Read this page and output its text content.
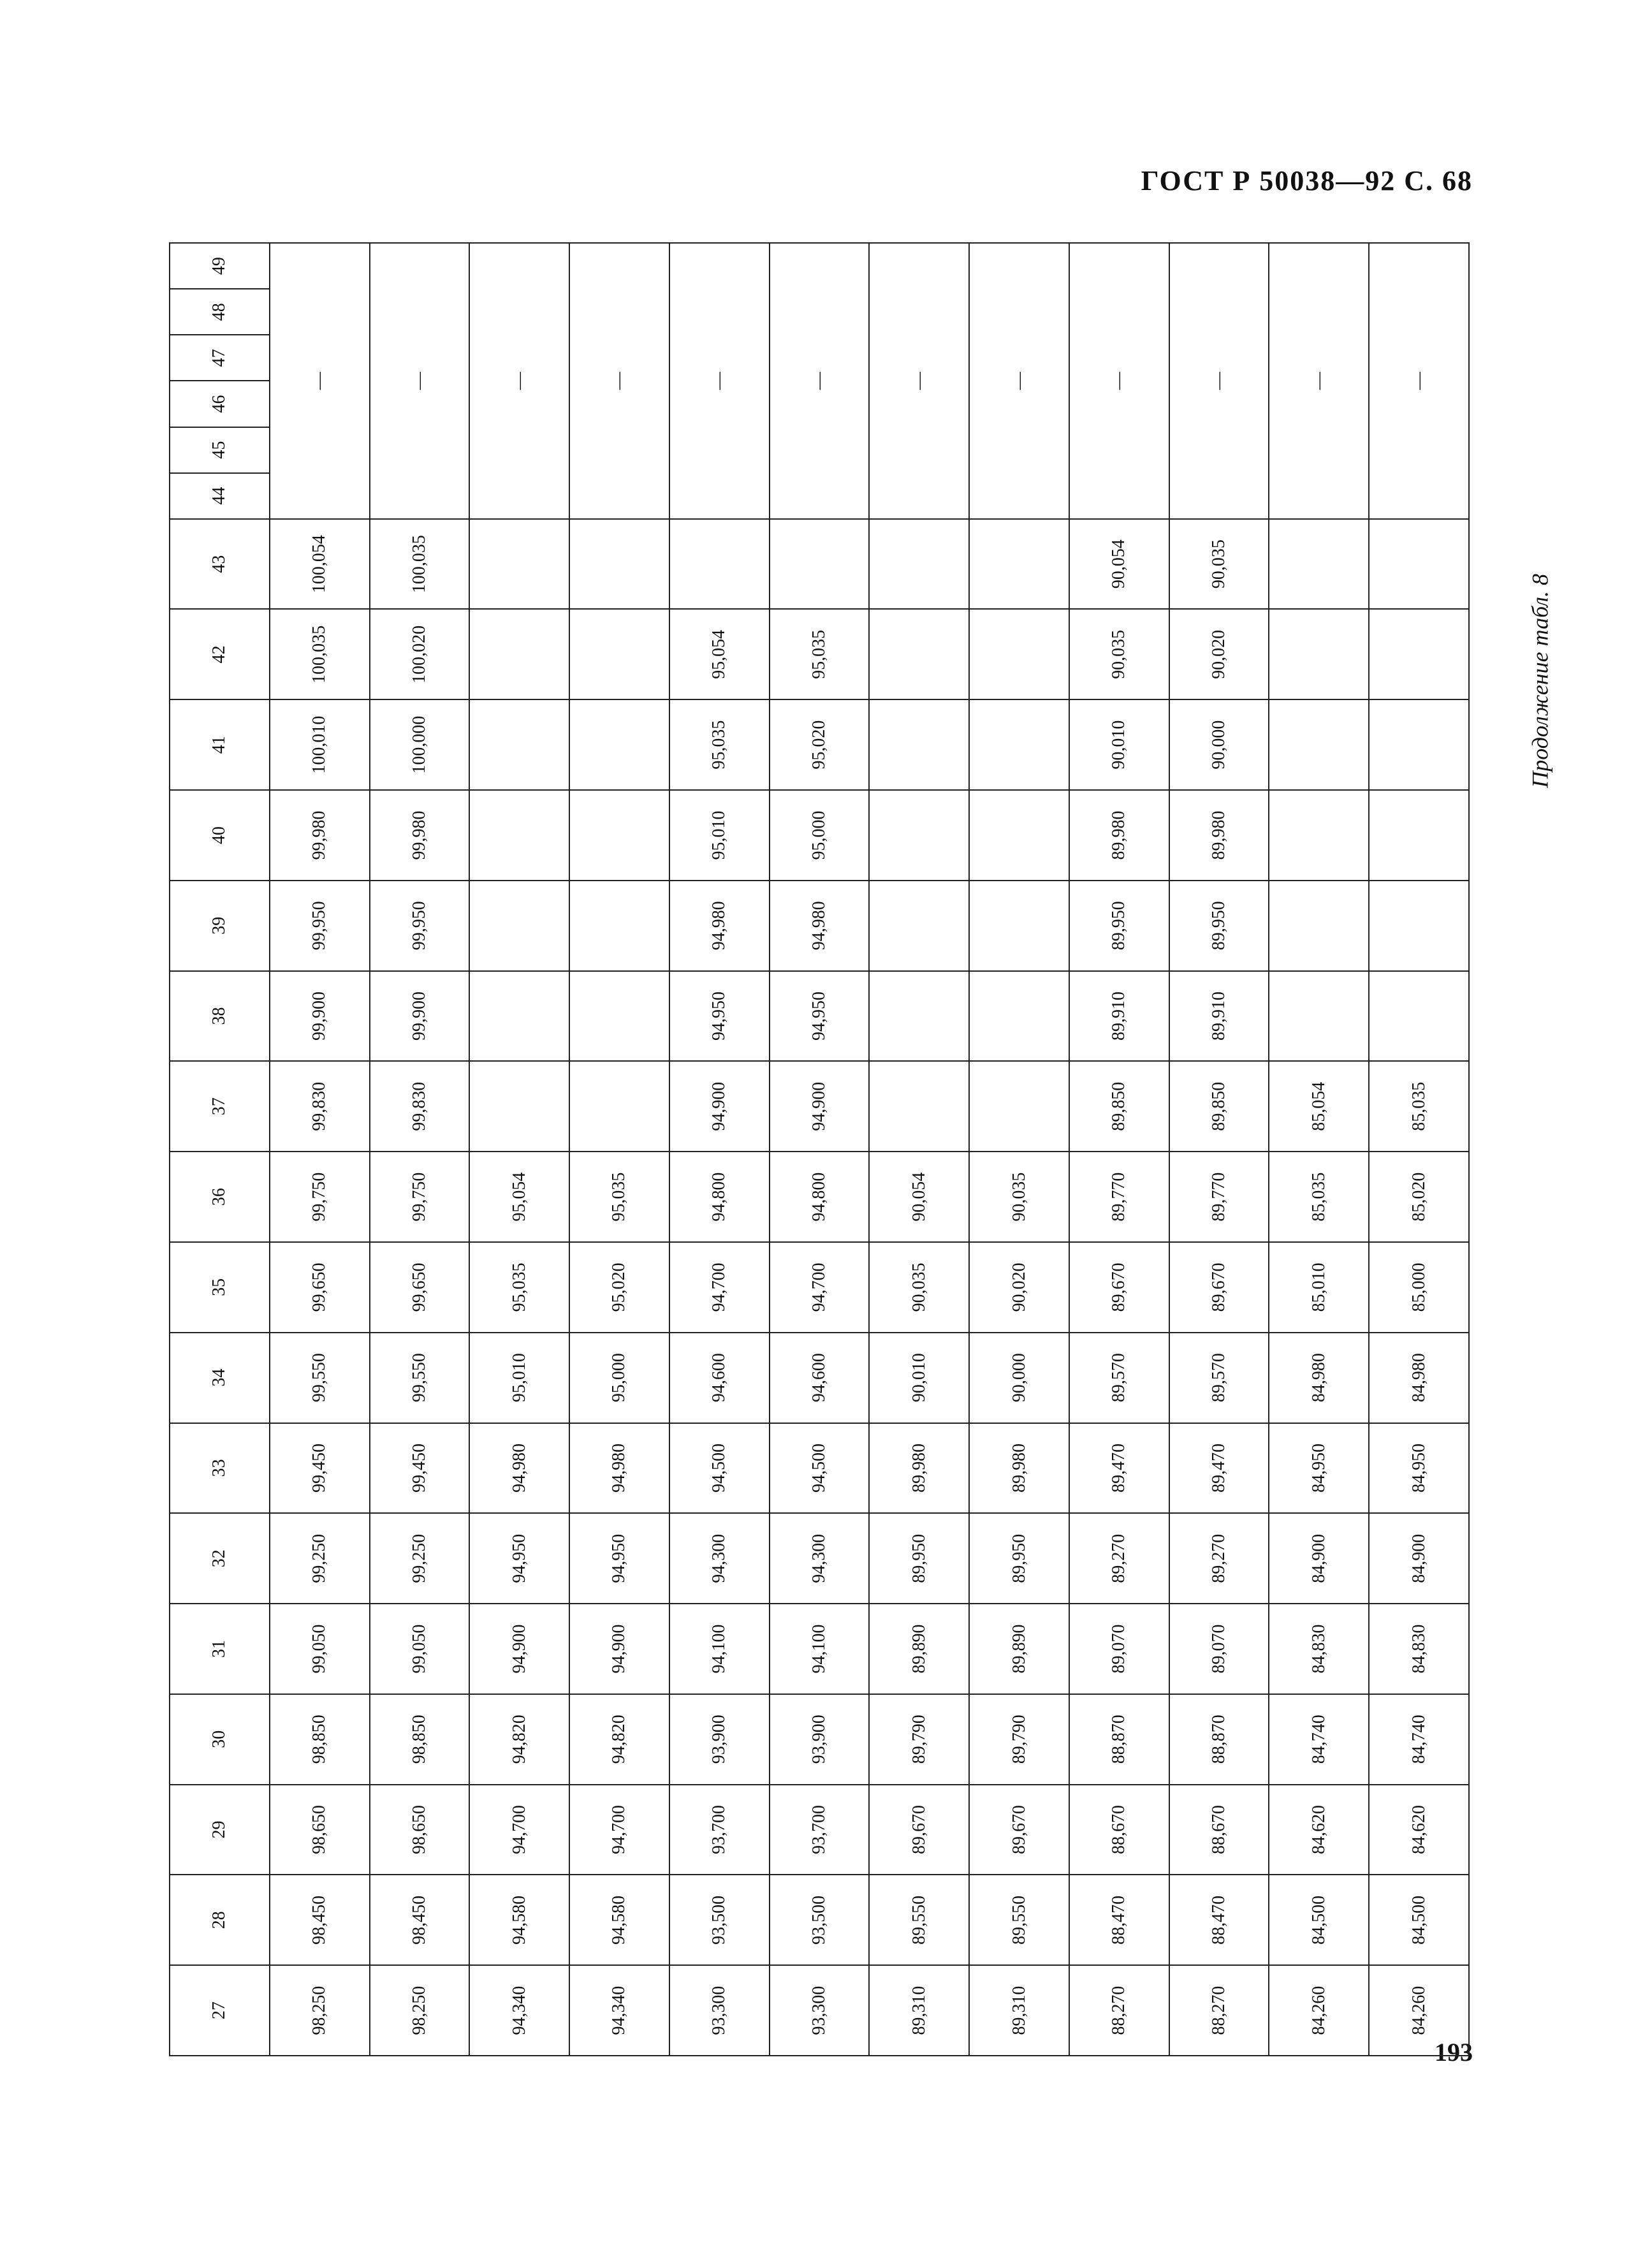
ГОСТ Р 50038—92 С. 68
Продолжение табл. 8
193
27	28	29	30	31	32	33	34	35	36	37	38	39	40	41	42	43	44	45	46	47	48	49
98,250	98,450	98,650	98,850	99,050	99,250	99,450	99,550	99,650	99,750	99,830	99,900	99,950	99,980	100,010	100,035	100,054	—					
98,250	98,450	98,650	98,850	99,050	99,250	99,450	99,550	99,650	99,750	99,830	99,900	99,950	99,980	100,000	100,020	100,035	—					
94,340	94,580	94,700	94,820	94,900	94,950	94,980	95,010	95,035	95,054								—					
94,340	94,580	94,700	94,820	94,900	94,950	94,980	95,000	95,020	95,035								—					
93,300	93,500	93,700	93,900	94,100	94,300	94,500	94,600	94,700	94,800	94,900	94,950	94,980	95,010	95,035	95,054		—					
93,300	93,500	93,700	93,900	94,100	94,300	94,500	94,600	94,700	94,800	94,900	94,950	94,980	95,000	95,020	95,035		—					
89,310	89,550	89,670	89,790	89,890	89,950	89,980	90,010	90,035	90,054								—					
89,310	89,550	89,670	89,790	89,890	89,950	89,980	90,000	90,020	90,035								—					
88,270	88,470	88,670	88,870	89,070	89,270	89,470	89,570	89,670	89,770	89,850	89,910	89,950	89,980	90,010	90,035	90,054	—					
88,270	88,470	88,670	88,870	89,070	89,270	89,470	89,570	89,670	89,770	89,850	89,910	89,950	89,980	90,000	90,020	90,035	—					
84,260	84,500	84,620	84,740	84,830	84,900	84,950	84,980	85,010	85,035	85,054							—					
84,260	84,500	84,620	84,740	84,830	84,900	84,950	84,980	85,000	85,020	85,035							—					
